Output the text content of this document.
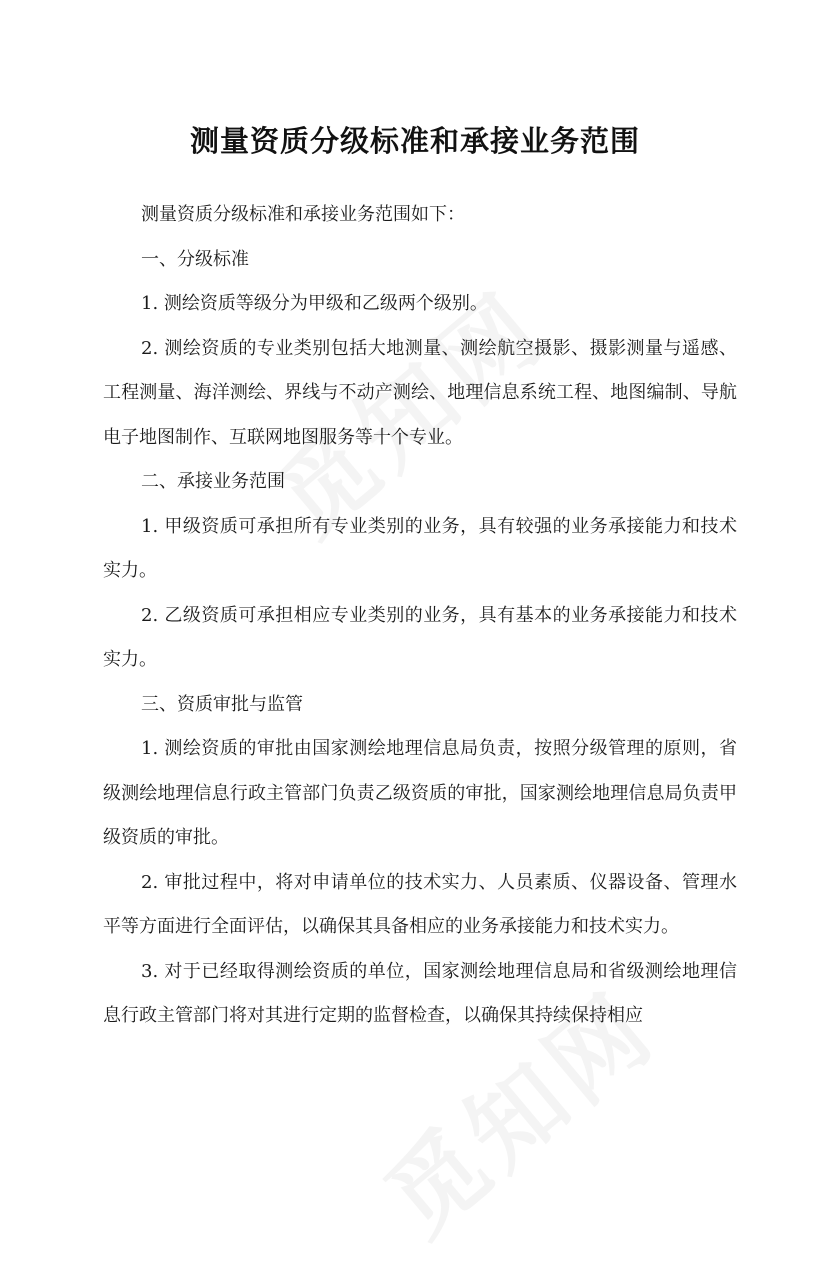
测量资质分级标准和承接业务范围

测量资质分级标准和承接业务范围如下：

一、分级标准

1. 测绘资质等级分为甲级和乙级两个级别。

2. 测绘资质的专业类别包括大地测量、测绘航空摄影、摄影测量与遥感、工程测量、海洋测绘、界线与不动产测绘、地理信息系统工程、地图编制、导航电子地图制作、互联网地图服务等十个专业。

二、承接业务范围

1. 甲级资质可承担所有专业类别的业务，具有较强的业务承接能力和技术实力。

2. 乙级资质可承担相应专业类别的业务，具有基本的业务承接能力和技术实力。

三、资质审批与监管

1. 测绘资质的审批由国家测绘地理信息局负责，按照分级管理的原则，省级测绘地理信息行政主管部门负责乙级资质的审批，国家测绘地理信息局负责甲级资质的审批。

2. 审批过程中，将对申请单位的技术实力、人员素质、仪器设备、管理水平等方面进行全面评估，以确保其具备相应的业务承接能力和技术实力。

3. 对于已经取得测绘资质的单位，国家测绘地理信息局和省级测绘地理信息行政主管部门将对其进行定期的监督检查，以确保其持续保持相应
